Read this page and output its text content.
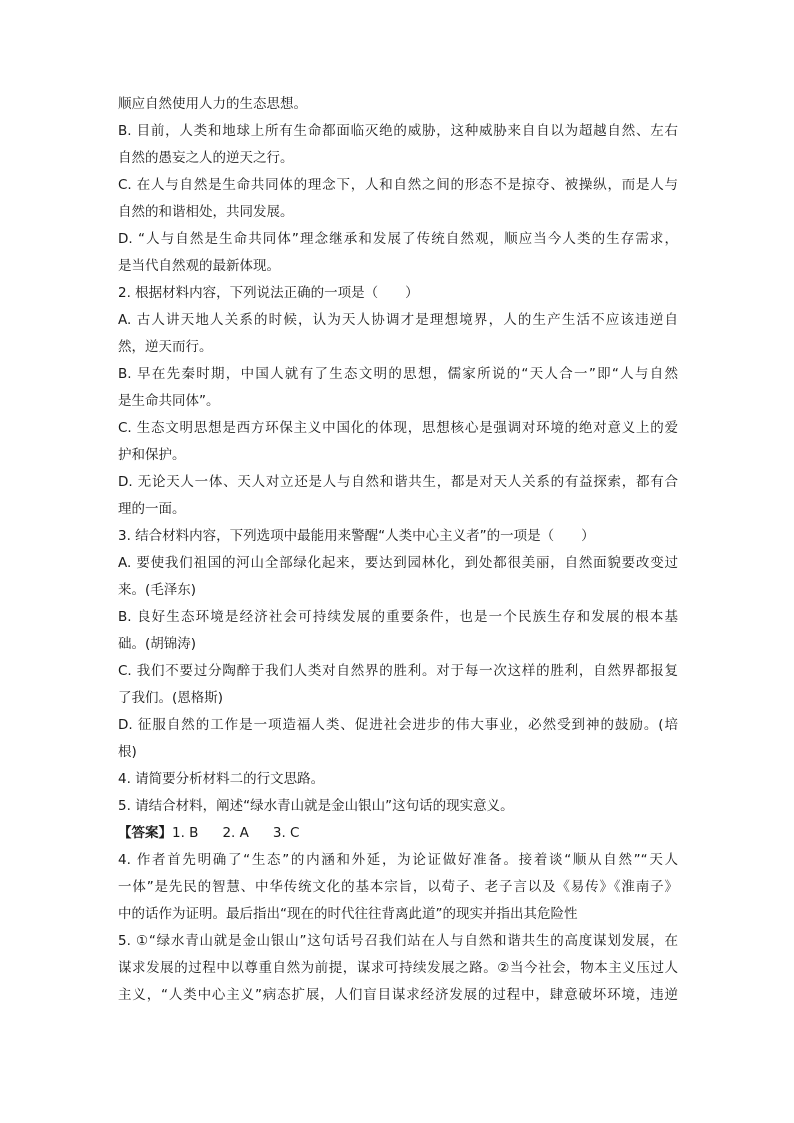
顺应自然使用人力的生态思想。
B. 目前，人类和地球上所有生命都面临灭绝的威胁，这种威胁来自自以为超越自然、左右
自然的愚妄之人的逆天之行。
C. 在人与自然是生命共同体的理念下，人和自然之间的形态不是掠夺、被操纵，而是人与
自然的和谐相处，共同发展。
D. “人与自然是生命共同体”理念继承和发展了传统自然观，顺应当今人类的生存需求，
是当代自然观的最新体现。
2. 根据材料内容，下列说法正确的一项是（　　）
A. 古人讲天地人关系的时候，认为天人协调才是理想境界，人的生产生活不应该违逆自
然，逆天而行。
B. 早在先秦时期，中国人就有了生态文明的思想，儒家所说的“天人合一”即“人与自然
是生命共同体”。
C. 生态文明思想是西方环保主义中国化的体现，思想核心是强调对环境的绝对意义上的爱
护和保护。
D. 无论天人一体、天人对立还是人与自然和谐共生，都是对天人关系的有益探索，都有合
理的一面。
3. 结合材料内容，下列选项中最能用来警醒“人类中心主义者”的一项是（　　）
A. 要使我们祖国的河山全部绿化起来，要达到园林化，到处都很美丽，自然面貌要改变过
来。(毛泽东)
B. 良好生态环境是经济社会可持续发展的重要条件，也是一个民族生存和发展的根本基
础。(胡锦涛)
C. 我们不要过分陶醉于我们人类对自然界的胜利。对于每一次这样的胜利，自然界都报复
了我们。(恩格斯)
D. 征服自然的工作是一项造福人类、促进社会进步的伟大事业，必然受到神的鼓励。(培
根)
4. 请简要分析材料二的行文思路。
5. 请结合材料，阐述“绿水青山就是金山银山”这句话的现实意义。
【答案】1. B 2. A 3. C
4. 作者首先明确了“生态”的内涵和外延，为论证做好准备。接着谈“顺从自然”“天人
一体”是先民的智慧、中华传统文化的基本宗旨，以荀子、老子言以及《易传》《淮南子》
中的话作为证明。最后指出“现在的时代往往背离此道”的现实并指出其危险性
5. ①“绿水青山就是金山银山”这句话号召我们站在人与自然和谐共生的高度谋划发展，在
谋求发展的过程中以尊重自然为前提，谋求可持续发展之路。②当今社会，物本主义压过人
主义，“人类中心主义”病态扩展，人们盲目谋求经济发展的过程中，肆意破坏环境，违逆
